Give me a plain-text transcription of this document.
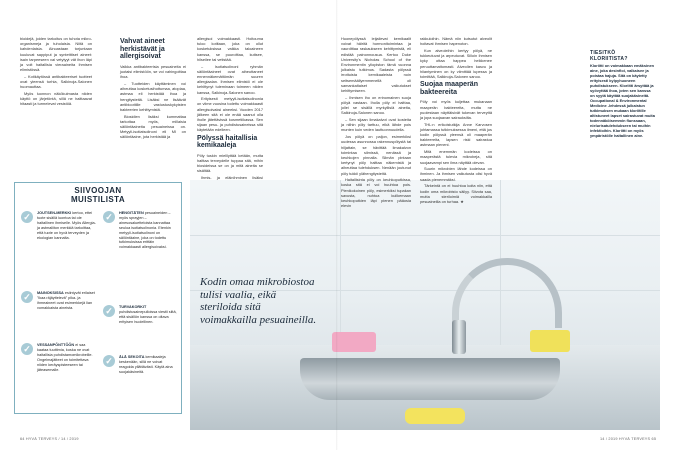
bioidejä, joiden tarkoitus on tuhota mikro-organismeja ja tuholaisia. Niitä on kahdenlaisia. Ainoastaan torjuntaan kuuluvat sappiput ja syntetttiset aineet: isain tarpeeseen vai vetytyyt vät ihon läpi ja voit haitallisia vieraaineita ihmisen elimistössä.

– Kotikäytössä antibakteeriset tuotteet ovat yleensä turhia, Salkinoja-Salonen huomauttaa.

Myös luonnon näkökulmasta niiden käyttö on järjetöntä, sillä ne haittaavat hitaasti ja turmelevat vesistöä.

Vahvat aineet herkistävät ja allergisoivat

Vaikka antibakteerisia pesuaineita ei juotaisi elimistöön, se voi vahingoittaa ihoa.

– Tuotteiden käyttäminen voi aiheuttaa kosketusihottumaa, atopiaa, astmaa eli herkistää ihoa ja hengitysteitä. Lisäksi ne lisäävät antibioottille vastustuskykyisten bakteerien kehittymistä.

Biosidien lisäksi kummattaa tarkottaa myös, millaisia säilöntäaineita pesuaineissa on. Metyyli-isotiatsolinoni eli MI on säilöntäaine, jota herkistää ja

allergisoi voimakkaasti. Hoitouma tuloo kotitaan, joka on ollut kosketuksissa vaikka taloaineen kanssa, se puuroittaa, kutisee, hilseilee tai vetistää.

– Isotiatsolinoni ryhmän säilöntäaineet ovat aiheuttaneet ennennäkemättömän suuren allergiaalan. Ihmisen elimistö ei ole kehittynyt tuleminaan toimeen niiden kanssa, Salkinoja-Salonen sanoo.

Erityisesti metyyli-isotiatsolinonia on viime vuosina todettu voimakkaasti allergisoivaksi aineeksi. Vuoden 2017 jälkeen sitä ei ole enää saanut olla iholle jätettävissä kosmetiikassa. Sen sijaan pesu- ja puhdistusaineissa sitä käytetään edelleen.

Pölyssä haitallisia kemikaaleja

Pöly tuskin mielllyttää ketään, mutta haittaa terveydelle tuppaa sitä, mihin biosideissa se on ja mitä aineita se sisältää.

Ihmis- ja eläinihminen lisäksi

SIIVOOJAN
MUISTILISTA
✓
JOUTSEN-MERKKI kertoo, ettei tuote sisällä luontoa tai ole haitallinen ihmiselle. Myös Allergia- ja astmaliiton merkkiä tarkoittaa, että tuote on hyvä terveyden ja ekologian kannalta.
✓
MAINOKSISSA esiintyvät erilaiset "ikaa räjäyttelevä" pika- ja ihmeaineet ovat esimerkkejä lian vomakkaista aineista.
✓
VESSANPÖNTTÖÖN ei saa kaataa tuuttimia, koska ne ovat haitallisia puhdistamomikrobeille. Ongelmajätteet on toimitettava niiden keräyspisteeseen tai jäteasemalle.
✓
HENGITÄTEN pesuaineiden – myös sprayjen – ainesosaluetteloista kannattaa seuloa isotiatsolinonia. Etenkin metyyli-isotiatsolinoni on säilöntäaine, joka on todettu tutkimuksissa erittäin voimakkaasti allergisoivaksi.
✓
TURVAKORKIT puhdistusainepulloissa viestii siitä, että sisällön kanssa on oltava erityisen huolellinen.
✓
ÄLÄ SEKOITA kemikaaleja keskenään, sillä ne voivat reagoida yllättävästi. Käytä aina suojakäsineitä.
64 HYVÄ TERVEYS / 14 / 2019
Kodin omaa mikrobiostoa tulisi vaalia, eikä steriloida sitä voimakkailla pesuaineilla.

Huonepölyssä leijailevat kemikaalit voivat häiritä hormonitoimintaa ja vaurdittaa raskaukseen kehittymistä, eli edistää painonnousua. Kertoo Duke University's Nicholas School of the Environmentin yliopiston tämä vuonna julkaistu tutkimus. Sadasta pölyssä irrottuista kemikaaleista noin seitsemäällyemmenellä oli samankaltaiset vaikutukset kehittymiseen.

– Ihmisen iho on erinomainen suoja pölyä vastaan. Iholla pöly ei haittaa, jollei se sisällä myrkyllisiä aineita, Salkinoja-Salonen sanoo.

– Sen sijaan limakalvot ovat kosteita ja niihin pöly tarttuu, eikä lähde pois munten kuin veden lauttuonnuudella.

Jos pölyä on paljon, esimerkiksi uudessa asunnossa rakennuspölystä tai hiljattain, se hävittää limakalvon toimintaa silmissä, nenässä ja keuhkojen pinnalla. Silmän pintaan kertynyt pöly haittaa näkemistä ja aiheuttaa tulehduksen. Nenään joutunut pöly tukkii ylähengitysteitä.

Haitallisinta pöly on keuhkoputkissa, koska sitä ei voi huuhtoa pois. Pienikokoinen pöly, esimerkiksi tupakan savusta, nuhtoa kuilkemaan keuhkoputkien läpi pienen pääosia elevin

rakkuloihin. Nämä niin kutsutut alveolit hoitavat ihmisen hapenoton.

Kun alveoleihin kertyy pölyä, ne tukkeutuvat ja arpeutuvat. Silloin ihmisen kyky ottaa happea heikkenee peruuttamattomasti. Alveolien kasvu ja hiiantyminen on ky viimittää lupessa ja toimittää, Salkinoja-Salonen sanoo.

Suojaa maaperän bakteereita

Pöly voi myös kuljettaa mukanaan maaperän bakteereita, mutta ne puolestaan näyttäisivät tukevan terveyttä ja jopa suojaavan sairauksilta.

THL:n erikoistutkija Anne Karvosen johtamassa tutkimuksessa ilmeni, että jos kodin pölyssä yleensä oli maaperän bakteereita, lapsen riski sairastua astmaan pieneni.

Mitä enemmän kodeissa on maaperästä tulevia mikrobeja, sitä suojaavampi sen ilma näyttää olevan.

Suurin mikrobien lähde kodeissa on ihminen. Ja ihmisen vaikutusta olisi hyvä saada pienemmäksi.

Tärkeintä on ei huuhtoa koita niin, että kodin oma mikrobisto säilyy. Siivota saa, mutta steriloimiä voimakkailla pesuaineilla on turhaa. ★

TIESITKÖ
KLORIITISTA?
Kloriitti on voimakkaan emäksinen aine, joka desinfioi, valkaisee ja poistaa hajuja. Sitä on käytetty erityisesti kylpyhuoneen puhdistukseen. Kloriitti ärsyttää ja syövyttää ihoa, joten sen kanssa on syytä käyttää suojakäsineitä. Occupational & Environmental Medicine -lehdessä julkaistun tutkimuksen mukaan kloriitille altistuneet lapset sairastuvat muita todennäköisemmin flunssaan, nielurisatulehdukseen tai muihin infektioihin. Kloriitti on myös ympäristölle haitallinen aine.
14 / 2019 HYVÄ TERVEYS 65
